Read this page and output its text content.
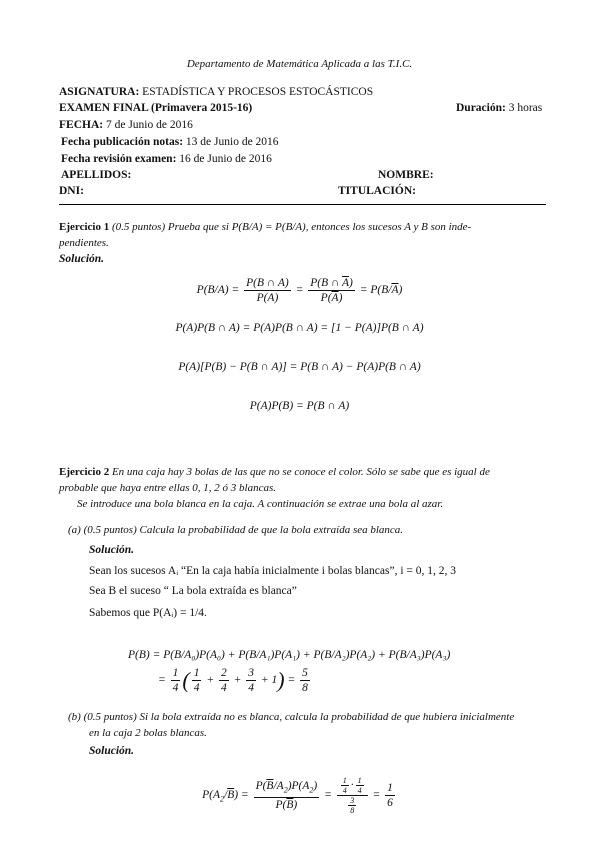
Departamento de Matemática Aplicada a las T.I.C.
ASIGNATURA: ESTADÍSTICA Y PROCESOS ESTOCÁSTICOS
EXAMEN FINAL (Primavera 2015-16)	Duración: 3 horas
FECHA: 7 de Junio de 2016
Fecha publicación notas: 13 de Junio de 2016
Fecha revisión examen: 16 de Junio de 2016
APELLIDOS:	NOMBRE:
DNI:	TITULACIÓN:
Ejercicio 1 (0.5 puntos) Prueba que si P(B/A) = P(B/A), entonces los sucesos A y B son inde-
pendientes.
Solución.
$P(B/A) = \frac{P(B \cap A)}{P(A)} = \frac{P(B \cap \overline{A})}{P(\overline{A})} = P(B/\overline{A})$
P(A)P(B ∩ A) = P(A)P(B ∩ A) = [1 − P(A)]P(B ∩ A)
P(A)[P(B) − P(B ∩ A)] = P(B ∩ A) − P(A)P(B ∩ A)
P(A)P(B) = P(B ∩ A)
Ejercicio 2 En una caja hay 3 bolas de las que no se conoce el color. Sólo se sabe que es igual de
probable que haya entre ellas 0, 1, 2 ó 3 blancas.
Se introduce una bola blanca en la caja. A continuación se extrae una bola al azar.
(a) (0.5 puntos) Calcula la probabilidad de que la bola extraída sea blanca.
Solución.
Sean los sucesos Aᵢ “En la caja había inicialmente i bolas blancas”, i = 0, 1, 2, 3
Sea B el suceso “ La bola extraída es blanca”
Sabemos que P(Aᵢ) = 1/4.
P(B) = P(B/A₀)P(A₀) + P(B/A₁)P(A₁) + P(B/A₂)P(A₂) + P(B/A₃)P(A₃)
= $\frac{1}{4}$ ( $\frac{1}{4} + \frac{2}{4} + \frac{3}{4} + 1) = \frac{5}{8}$
(b) (0.5 puntos) Si la bola extraída no es blanca, calcula la probabilidad de que hubiera inicialmente
en la caja 2 bolas blancas.
Solución.
$P(A_2/\overline{B}) = \frac{P(\overline{B}/A_2)P(A_2)}{P(\overline{B})} = \frac{\frac{1}{4} \cdot \frac{1}{4}}{\frac{3}{8}} = \frac{1}{6}$
